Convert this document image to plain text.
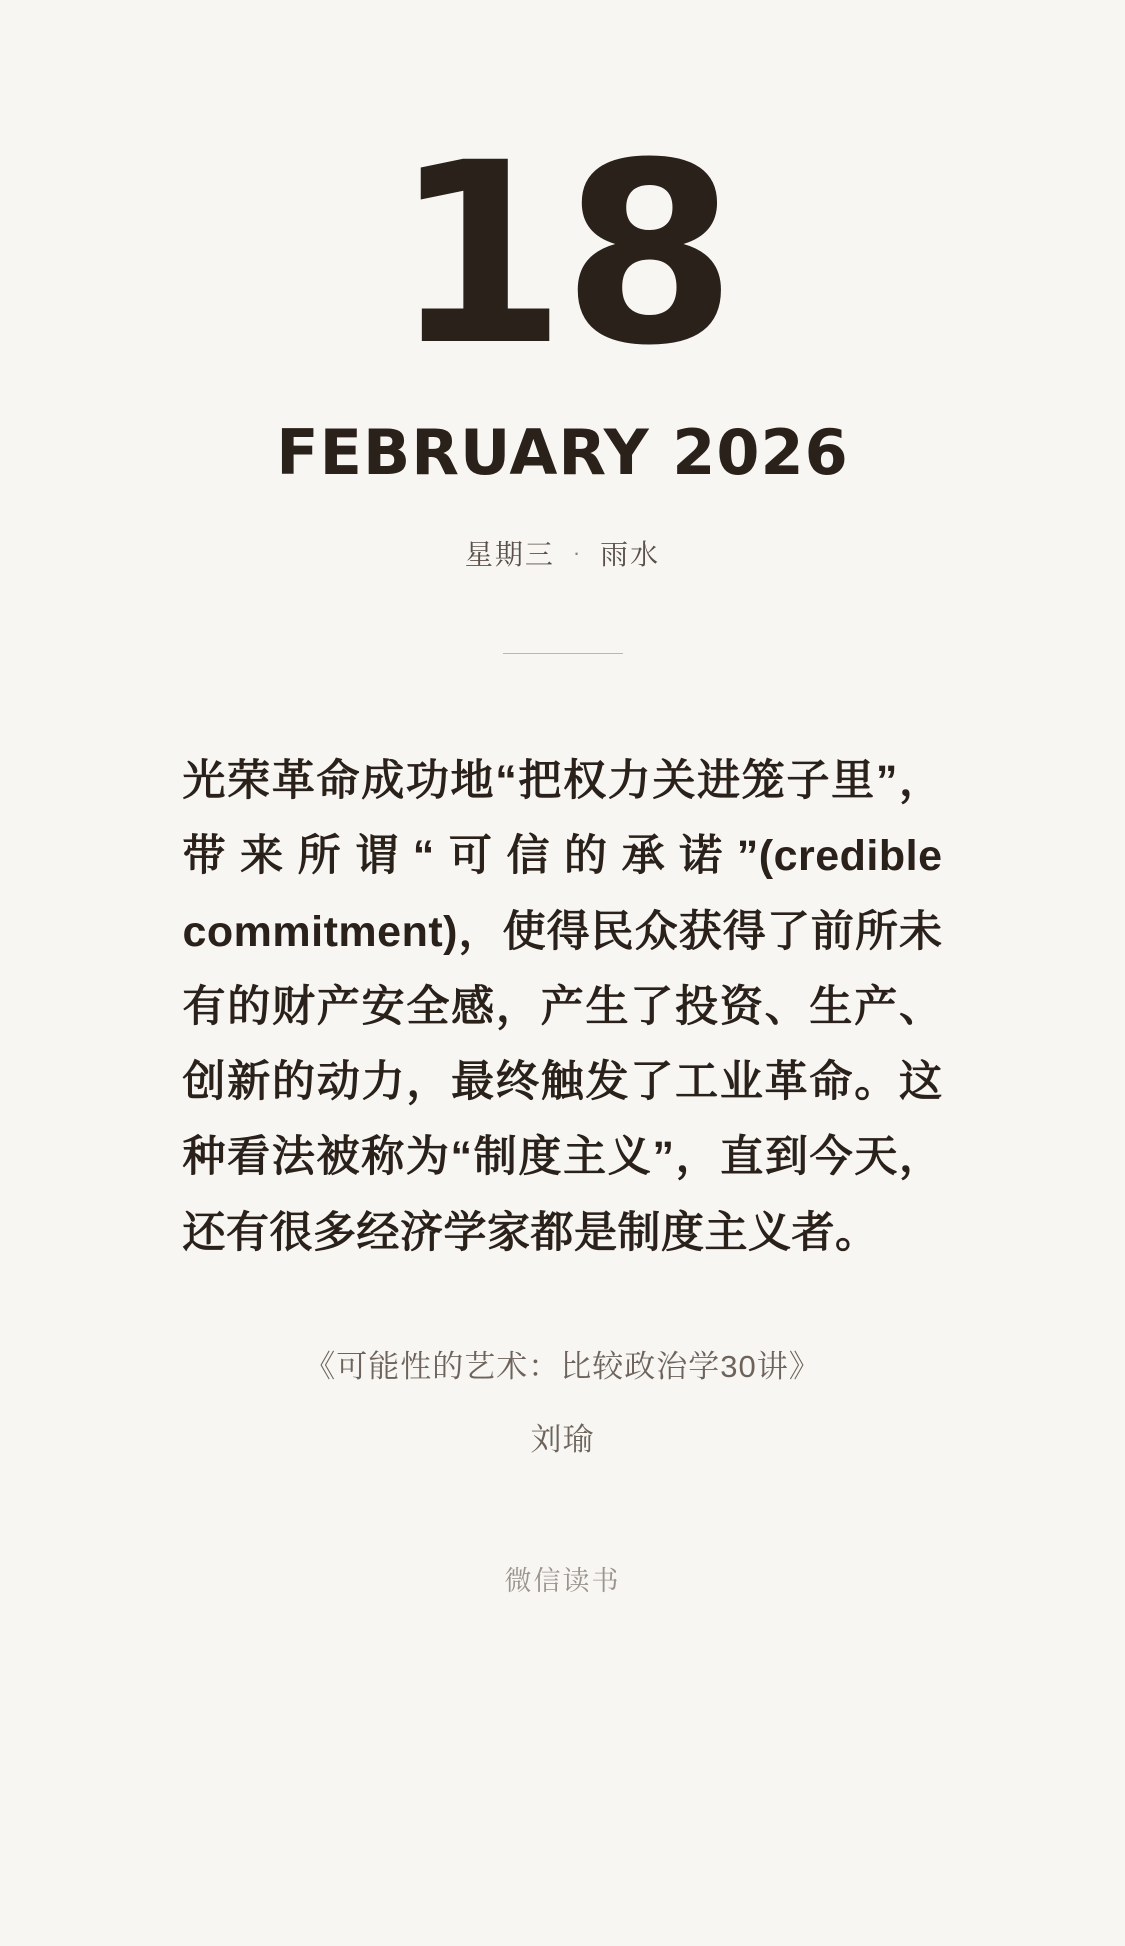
18
FEBRUARY 2026
星期三 · 雨水
光荣革命成功地“把权力关进笼子里”，带来所谓“可信的承诺”(credible commitment)，使得民众获得了前所未有的财产安全感，产生了投资、生产、创新的动力，最终触发了工业革命。这种看法被称为“制度主义”，直到今天，还有很多经济学家都是制度主义者。
《可能性的艺术：比较政治学30讲》
刘瑜
微信读书
